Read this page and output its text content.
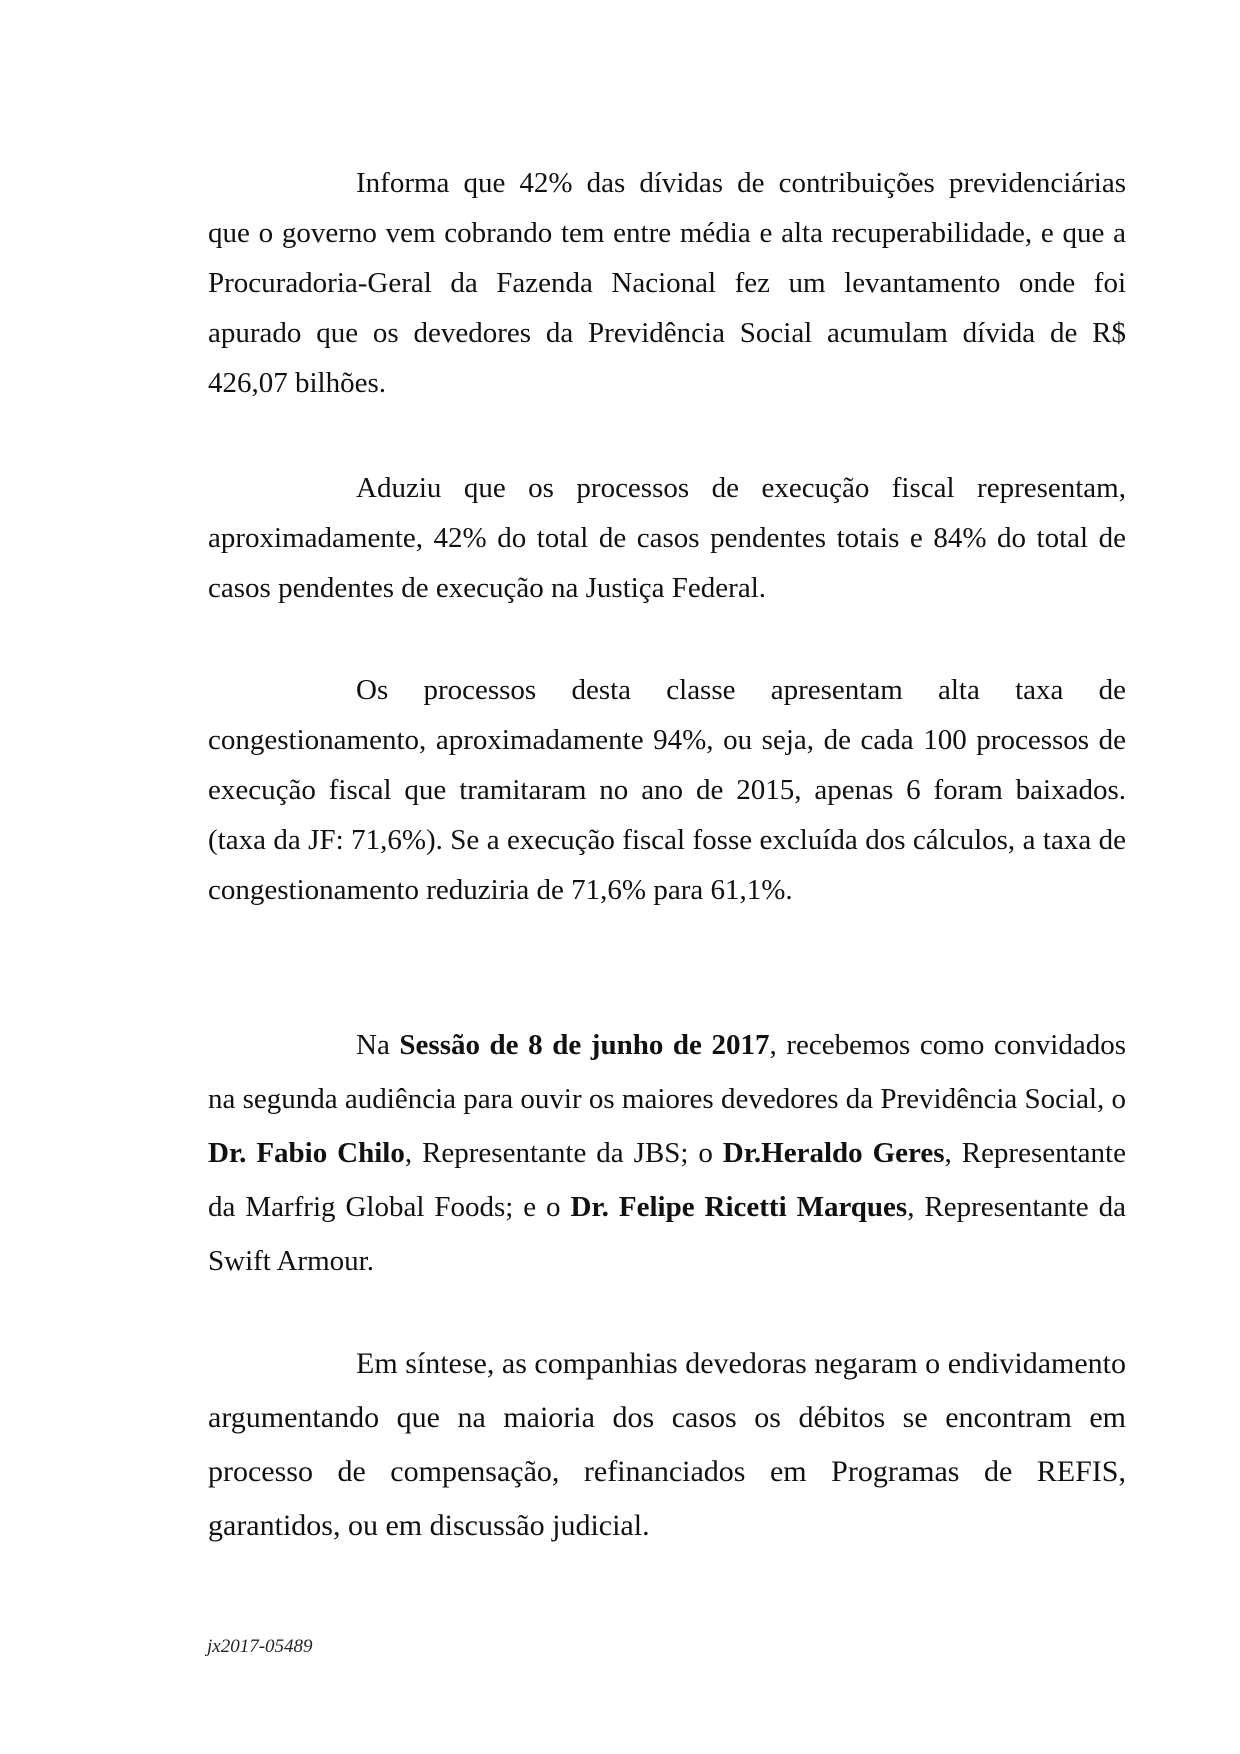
Informa que 42% das dívidas de contribuições previdenciárias que o governo vem cobrando tem entre média e alta recuperabilidade, e que a Procuradoria-Geral da Fazenda Nacional fez um levantamento onde foi apurado que os devedores da Previdência Social acumulam dívida de R$ 426,07 bilhões.

Aduziu que os processos de execução fiscal representam, aproximadamente, 42% do total de casos pendentes totais e 84% do total de casos pendentes de execução na Justiça Federal.

Os processos desta classe apresentam alta taxa de congestionamento, aproximadamente 94%, ou seja, de cada 100 processos de execução fiscal que tramitaram no ano de 2015, apenas 6 foram baixados. (taxa da JF: 71,6%). Se a execução fiscal fosse excluída dos cálculos, a taxa de congestionamento reduziria de 71,6% para 61,1%.

Na Sessão de 8 de junho de 2017, recebemos como convidados na segunda audiência para ouvir os maiores devedores da Previdência Social, o Dr. Fabio Chilo, Representante da JBS; o Dr.Heraldo Geres, Representante da Marfrig Global Foods; e o Dr. Felipe Ricetti Marques, Representante da Swift Armour.

Em síntese, as companhias devedoras negaram o endividamento argumentando que na maioria dos casos os débitos se encontram em processo de compensação, refinanciados em Programas de REFIS, garantidos, ou em discussão judicial.

jx2017-05489
